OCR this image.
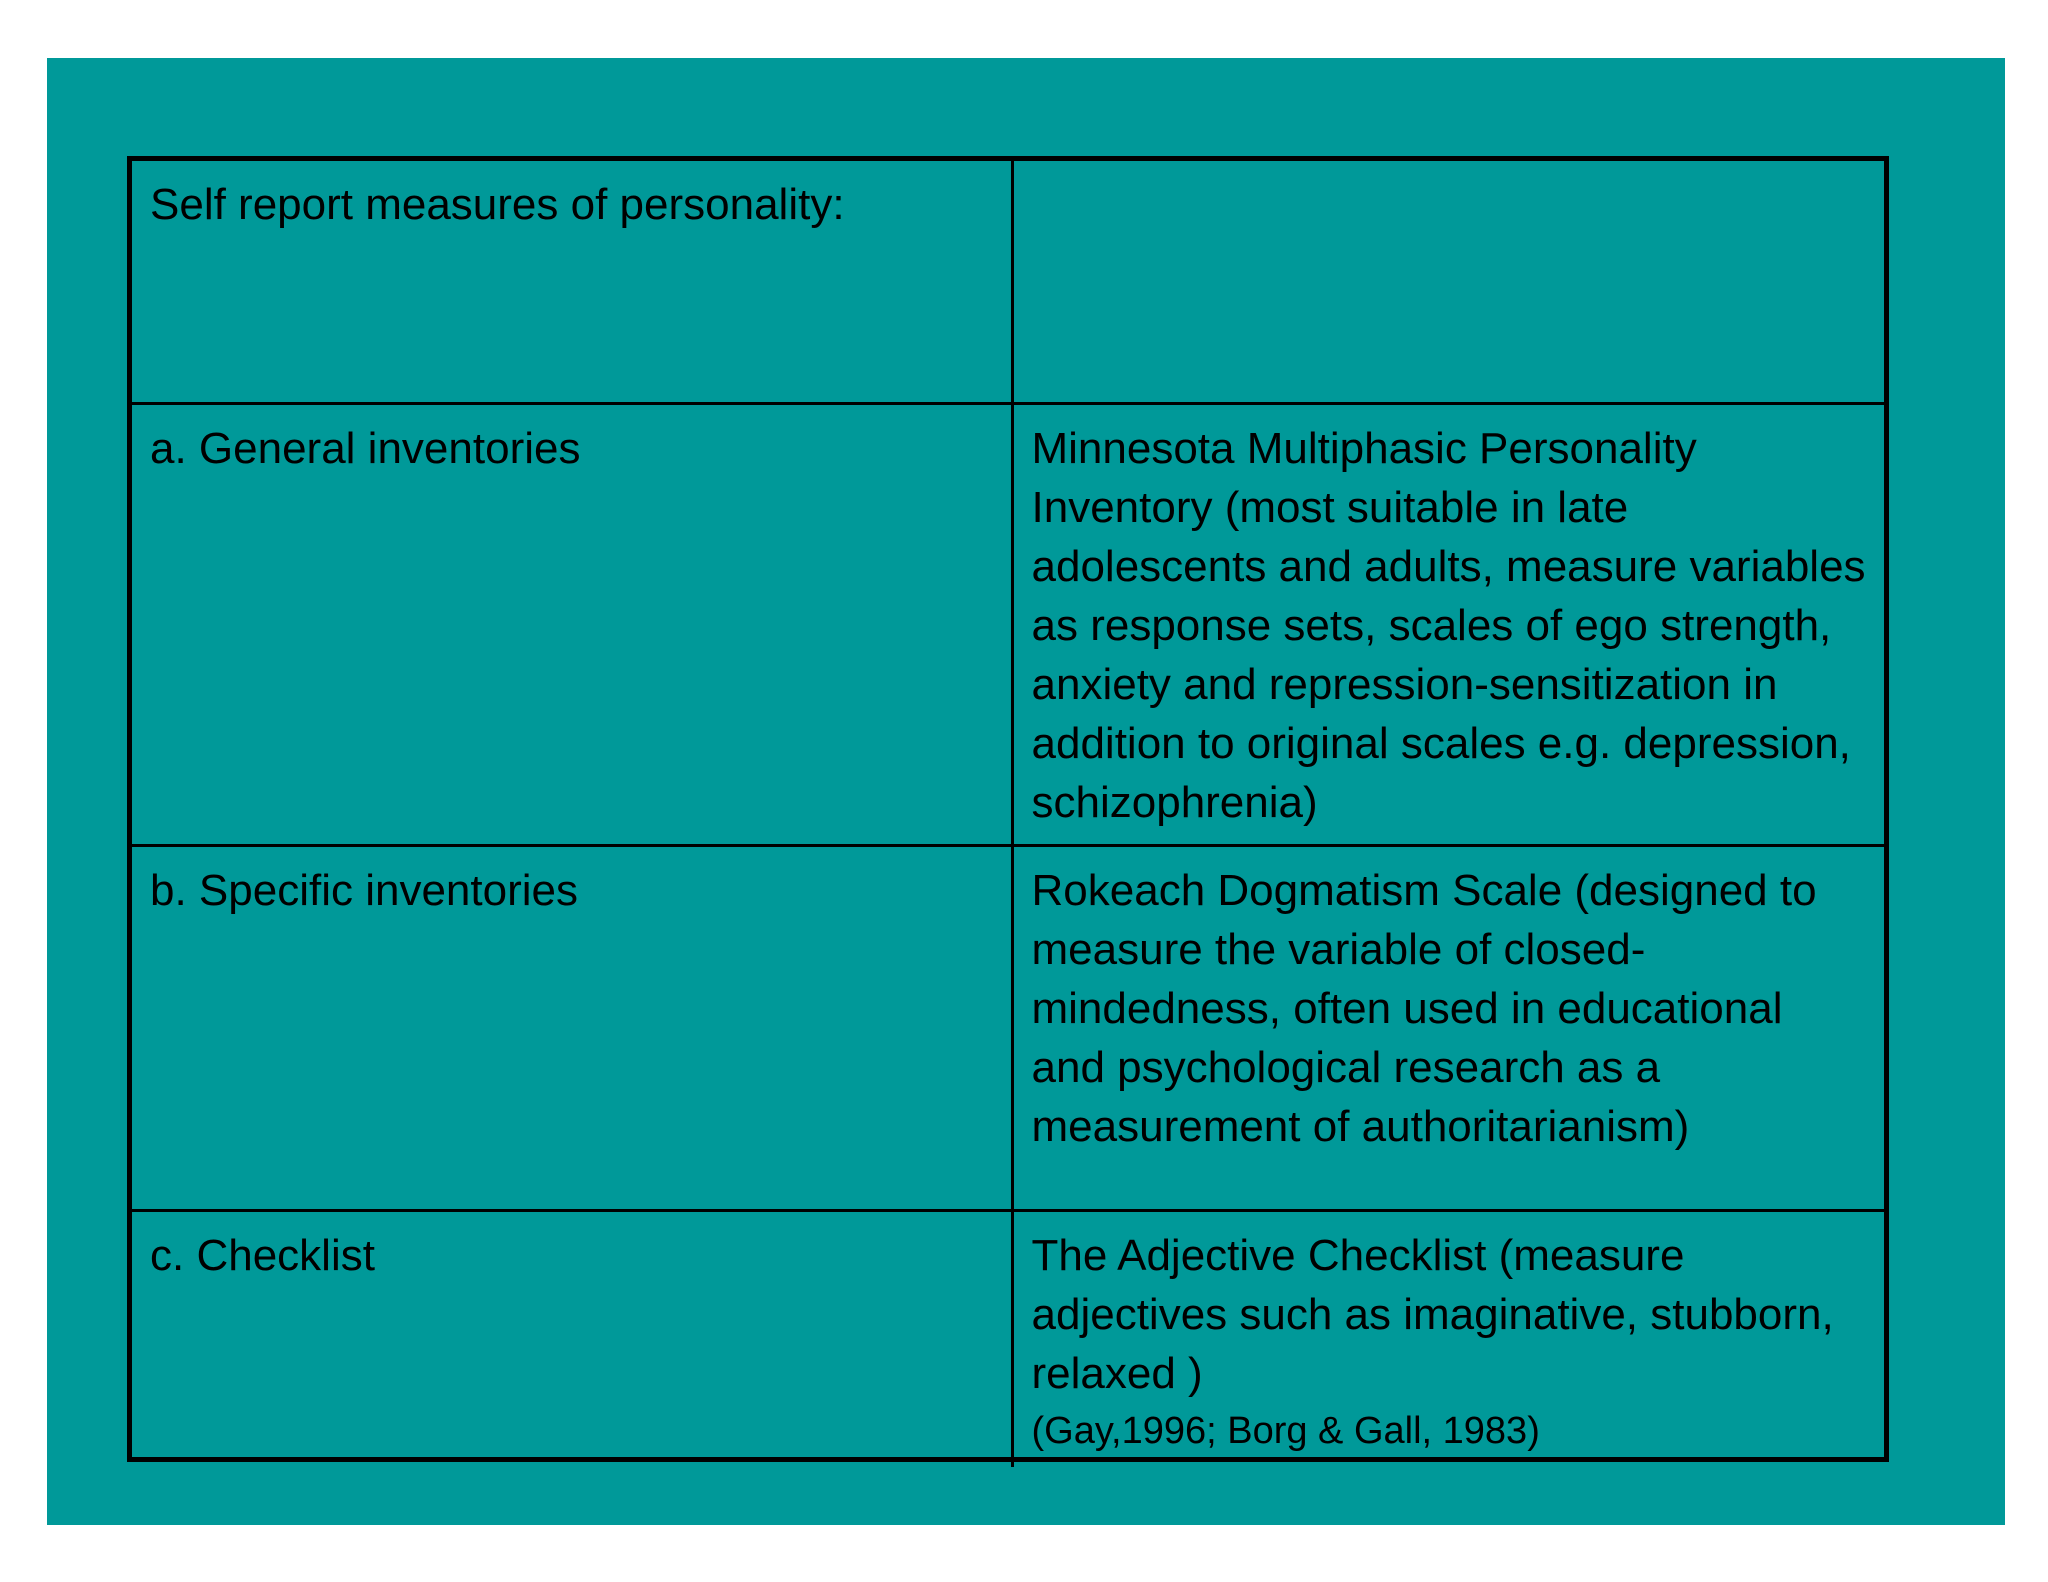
Self report measures of personality:	
a. General inventories	Minnesota Multiphasic Personality Inventory (most suitable in late adolescents and adults, measure variables as response sets, scales of ego strength, anxiety and repression-sensitization in addition to original scales e.g. depression, schizophrenia)
b. Specific inventories	Rokeach Dogmatism Scale (designed to measure the variable of closed-mindedness, often used in educational and psychological research as a measurement of authoritarianism)
c. Checklist	The Adjective Checklist (measure adjectives such as imaginative, stubborn, relaxed )
(Gay,1996; Borg & Gall, 1983)
